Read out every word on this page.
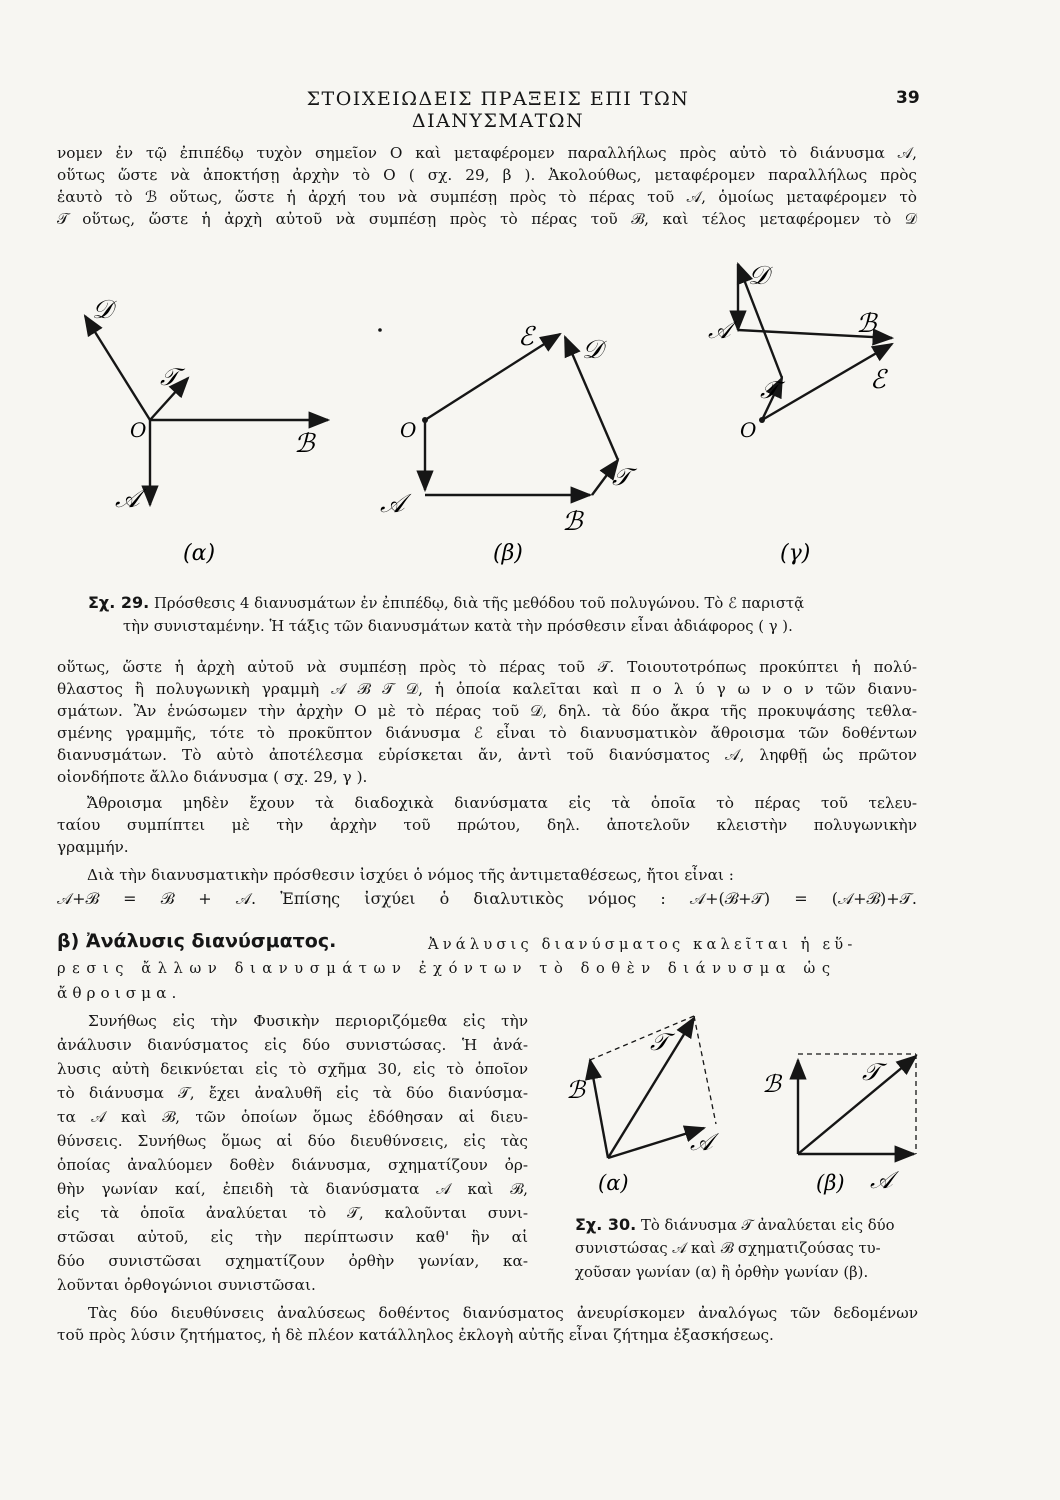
ΣΤΟΙΧΕΙΩΔΕΙΣ ΠΡΑΞΕΙΣ ΕΠΙ ΤΩΝ ΔΙΑΝΥΣΜΑΤΩΝ
39
νομεν ἐν τῷ ἐπιπέδῳ τυχὸν σημεῖον Ο καὶ μεταφέρομεν παραλλήλως πρὸς αὐτὸ τὸ διάνυσμα 𝒜,
οὕτως ὥστε νὰ ἀποκτήσῃ ἀρχὴν τὸ Ο ( σχ. 29, β ). Ἀκολούθως, μεταφέρομεν παραλλήλως πρὸς
ἑαυτὸ τὸ ℬ οὕτως, ὥστε ἡ ἀρχή του νὰ συμπέσῃ πρὸς τὸ πέρας τοῦ 𝒜, ὁμοίως μεταφέρομεν τὸ
𝒯 οὕτως, ὥστε ἡ ἀρχὴ αὐτοῦ νὰ συμπέσῃ πρὸς τὸ πέρας τοῦ ℬ, καὶ τέλος μεταφέρομεν τὸ 𝒟
𝒟
𝒯
O	ℬ
𝒜
(α)
ℰ 𝒟
O
𝒯
𝒜
ℬ
(β)
𝒟
𝒜	ℬ
ℰ
𝒯
O
(γ)
Σχ. 29. Πρόσθεσις 4 διανυσμάτων ἐν ἐπιπέδῳ, διὰ τῆς μεθόδου τοῦ πολυγώνου. Τὸ ℰ παριστᾷ
τὴν συνισταμένην. Ἡ τάξις τῶν διανυσμάτων κατὰ τὴν πρόσθεσιν εἶναι ἀδιάφορος ( γ ).
οὕτως, ὥστε ἡ ἀρχὴ αὐτοῦ νὰ συμπέσῃ πρὸς τὸ πέρας τοῦ 𝒯. Τοιουτοτρόπως προκύπτει ἡ πολύ-
θλαστος ἢ πολυγωνικὴ γραμμὴ 𝒜 ℬ 𝒯 𝒟, ἡ ὁποία καλεῖται καὶ π ο λ ύ γ ω ν ο ν τῶν διανυ-
σμάτων. Ἂν ἑνώσωμεν τὴν ἀρχὴν Ο μὲ τὸ πέρας τοῦ 𝒟, δηλ. τὰ δύο ἄκρα τῆς προκυψάσης τεθλα-
σμένης γραμμῆς, τότε τὸ προκῦπτον διάνυσμα ℰ εἶναι τὸ διανυσματικὸν ἄθροισμα τῶν δοθέντων
διανυσμάτων. Τὸ αὐτὸ ἀποτέλεσμα εὑρίσκεται ἄν, ἀντὶ τοῦ διανύσματος 𝒜, ληφθῇ ὡς πρῶτον
οἱονδήποτε ἄλλο διάνυσμα ( σχ. 29, γ ).
Ἄθροισμα μηδὲν ἔχουν τὰ διαδοχικὰ διανύσματα εἰς τὰ ὁποῖα τὸ πέρας τοῦ τελευ-
ταίου συμπίπτει μὲ τὴν ἀρχὴν τοῦ πρώτου, δηλ. ἀποτελοῦν κλειστὴν πολυγωνικὴν
γραμμήν.
Διὰ τὴν διανυσματικὴν πρόσθεσιν ἰσχύει ὁ νόμος τῆς ἀντιμεταθέσεως, ἤτοι εἶναι :
𝒜+ℬ = ℬ + 𝒜. Ἐπίσης ἰσχύει ὁ διαλυτικὸς νόμος : 𝒜+(ℬ+𝒯) = (𝒜+ℬ)+𝒯.
β) Ἀνάλυσις διανύσματος.	Ἀνάλυσις διανύσματος καλεῖται ἡ εὕ-
ρεσις ἄλλων διανυσμάτων ἐχόντων τὸ δοθὲν διάνυσμα ὡς
ἄθροισμα.
Συνήθως εἰς τὴν Φυσικὴν περιοριζόμεθα εἰς τὴν
ἀνάλυσιν διανύσματος εἰς δύο συνιστώσας. Ἡ ἀνά-
λυσις αὐτὴ δεικνύεται εἰς τὸ σχῆμα 30, εἰς τὸ ὁποῖον
τὸ διάνυσμα 𝒯, ἔχει ἀναλυθῆ εἰς τὰ δύο διανύσμα-
τα 𝒜 καὶ ℬ, τῶν ὁποίων ὅμως ἐδόθησαν αἱ διευ-
θύνσεις. Συνήθως ὅμως αἱ δύο διευθύνσεις, εἰς τὰς
ὁποίας ἀναλύομεν δοθὲν διάνυσμα, σχηματίζουν ὀρ-
θὴν γωνίαν καί, ἐπειδὴ τὰ διανύσματα 𝒜 καὶ ℬ,
εἰς τὰ ὁποῖα ἀναλύεται τὸ 𝒯, καλοῦνται συνι-
στῶσαι αὐτοῦ, εἰς τὴν περίπτωσιν καθ' ἣν αἱ
δύο συνιστῶσαι σχηματίζουν ὀρθὴν γωνίαν, κα-
λοῦνται ὀρθογώνιοι συνιστῶσαι.
𝒯
ℬ
𝒜
(α)
𝒯
ℬ
𝒜
(β)
Σχ. 30. Τὸ διάνυσμα 𝒯 ἀναλύεται εἰς δύο
συνιστώσας 𝒜 καὶ ℬ σχηματιζούσας τυ-
χοῦσαν γωνίαν (α) ἢ ὀρθὴν γωνίαν (β).
Τὰς δύο διευθύνσεις ἀναλύσεως δοθέντος διανύσματος ἀνευρίσκομεν ἀναλόγως τῶν δεδομένων
τοῦ πρὸς λύσιν ζητήματος, ἡ δὲ πλέον κατάλληλος ἐκλογὴ αὐτῆς εἶναι ζήτημα ἐξασκήσεως.
